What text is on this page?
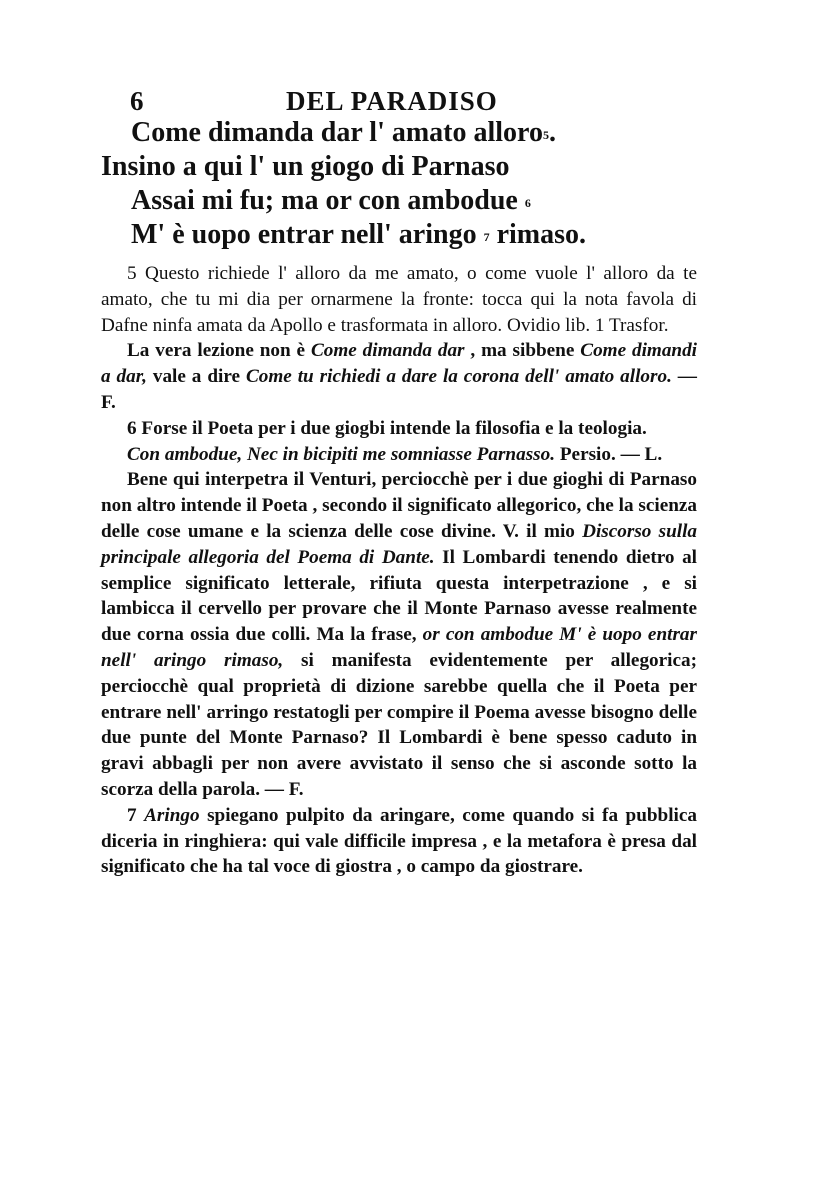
6	DEL PARADISO
Come dimanda dar l' amato alloro$^5$.
Insino a qui l' un giogo di Parnaso
Assai mi fu; ma or con ambodue $^6$
M' è uopo entrar nell' aringo $^7$ rimaso.

5 Questo richiede l' alloro da me amato, o come vuole l' alloro da te amato, che tu mi dia per ornarmene la fronte: tocca qui la nota favola di Dafne ninfa amata da Apollo e trasformata in alloro. Ovidio lib. 1 Trasfor.

La vera lezione non è Come dimanda dar , ma sibbene Come dimandi a dar, vale a dire Come tu richiedi a dare la corona dell' amato alloro. — F.

6 Forse il Poeta per i due giogbi intende la filosofia e la teologia.

Con ambodue, Nec in bicipiti me somniasse Parnasso. Persio. — L.

Bene qui interpetra il Venturi, perciocchè per i due gioghi di Parnaso non altro intende il Poeta , secondo il significato allegorico, che la scienza delle cose umane e la scienza delle cose divine. V. il mio Discorso sulla principale allegoria del Poema di Dante. Il Lombardi tenendo dietro al semplice significato letterale, rifiuta questa interpetrazione , e si lambicca il cervello per provare che il Monte Parnaso avesse realmente due corna ossia due colli. Ma la frase, or con ambodue M' è uopo entrar nell' aringo rimaso, si manifesta evidentemente per allegorica; perciocchè qual proprietà di dizione sarebbe quella che il Poeta per entrare nell' arringo restatogli per compire il Poema avesse bisogno delle due punte del Monte Parnaso? Il Lombardi è bene spesso caduto in gravi abbagli per non avere avvistato il senso che si asconde sotto la scorza della parola. — F.

7 Aringo spiegano pulpito da aringare, come quando si fa pubblica diceria in ringhiera: qui vale difficile impresa , e la metafora è presa dal significato che ha tal voce di giostra , o campo da giostrare.
